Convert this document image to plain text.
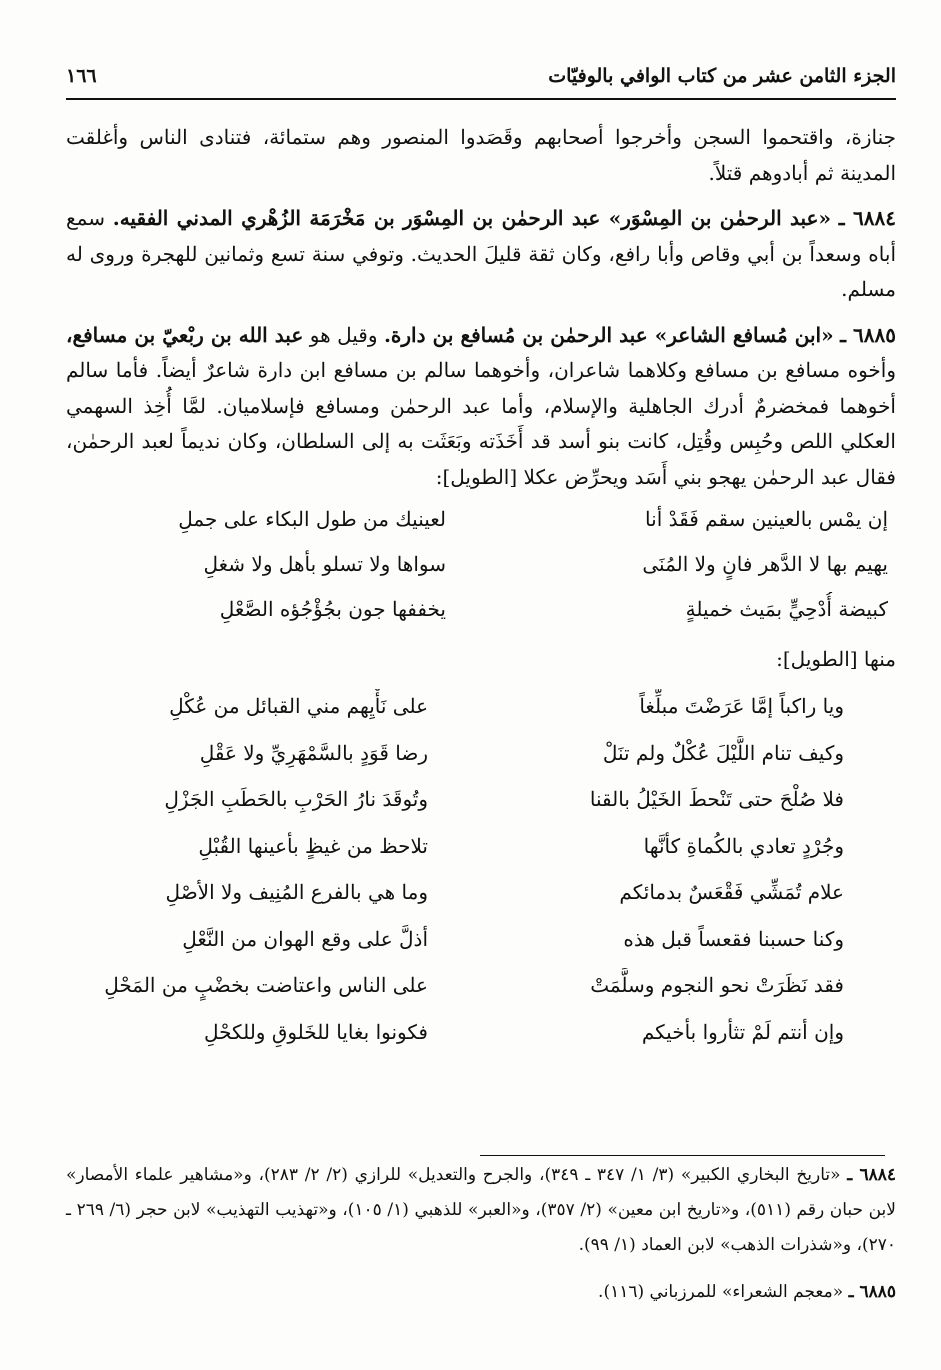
الجزء الثامن عشر من كتاب الوافي بالوفيّات
١٦٦

جنازة، واقتحموا السجن وأخرجوا أصحابهم وقَصَدوا المنصور وهم ستمائة، فتنادى الناس وأغلقت المدينة ثم أبادوهم قتلاً.

٦٨٨٤ ـ «عبد الرحمٰن بن المِسْوَر» عبد الرحمٰن بن المِسْوَر بن مَخْرَمَة الزُهْري المدني الفقيه. سمع أباه وسعداً بن أبي وقاص وأبا رافع، وكان ثقة قليلَ الحديث. وتوفي سنة تسع وثمانين للهجرة وروى له مسلم.

٦٨٨٥ ـ «ابن مُسافع الشاعر» عبد الرحمٰن بن مُسافع بن دارة. وقيل هو عبد الله بن ربْعيّ بن مسافع، وأخوه مسافع بن مسافع وكلاهما شاعران، وأخوهما سالم بن مسافع ابن دارة شاعرٌ أيضاً. فأما سالم أخوهما فمخضرمٌ أدرك الجاهلية والإسلام، وأما عبد الرحمٰن ومسافع فإسلاميان. لمَّا أُخِذ السهمي العكلي اللص وحُبِس وقُتِل، كانت بنو أسد قد أَخَذَته وبَعَثَت به إلى السلطان، وكان نديماً لعبد الرحمٰن، فقال عبد الرحمٰن يهجو بني أَسَد ويحرِّض عكلا [الطويل]:

إن يمْس بالعينين سقم فَقَدْ أنا
لعينيك من طول البكاء على جملِ
يهيم بها لا الدَّهر فانٍ ولا المُنَى
سواها ولا تسلو بأهل ولا شغلِ
كبيضة أُدْحِيٍّ بمَيث خميلةٍ
يخففها جون بجُؤْجُؤه الصَّعْلِ

منها [الطويل]:

ويا راكباً إمَّا عَرَضْتَ مبلِّغاً
على نَأْيِهم مني القبائل من عُكْلِ
وكيف تنام اللَّيْلَ عُكْلٌ ولم تنَلْ
رضا قَوَدٍ بالسَّمْهَرِيِّ ولا عَقْلِ
فلا صُلْحَ حتى تَنْحطَ الخَيْلُ بالقنا
وتُوقَدَ نارُ الحَرْبِ بالحَطَبِ الجَزْلِ
وجُرْدٍ تعادي بالكُماةِ كأنَّها
تلاحظ من غيظٍ بأعينها القُبْلِ
علام تُمَشِّي فَقْعَسٌ بدمائكم
وما هي بالفرع المُنِيف ولا الأصْلِ
وكنا حسبنا فقعساً قبل هذه
أذلَّ على وقع الهوان من النَّعْلِ
فقد نَظَرَتْ نحو النجوم وسلَّمَتْ
على الناس واعتاضت بخضْبٍ من المَحْلِ
وإن أنتم لَمْ تثأروا بأخيكم
فكونوا بغايا للخَلوقِ وللكحْلِ

٦٨٨٤ ـ «تاريخ البخاري الكبير» (٣/ ١/ ٣٤٧ ـ ٣٤٩)، والجرح والتعديل» للرازي (٢/ ٢/ ٢٨٣)، و«مشاهير علماء الأمصار» لابن حبان رقم (٥١١)، و«تاريخ ابن معين» (٢/ ٣٥٧)، و«العبر» للذهبي (١/ ١٠٥)، و«تهذيب التهذيب» لابن حجر (٦/ ٢٦٩ ـ ٢٧٠)، و«شذرات الذهب» لابن العماد (١/ ٩٩).

٦٨٨٥ ـ «معجم الشعراء» للمرزباني (١١٦).
